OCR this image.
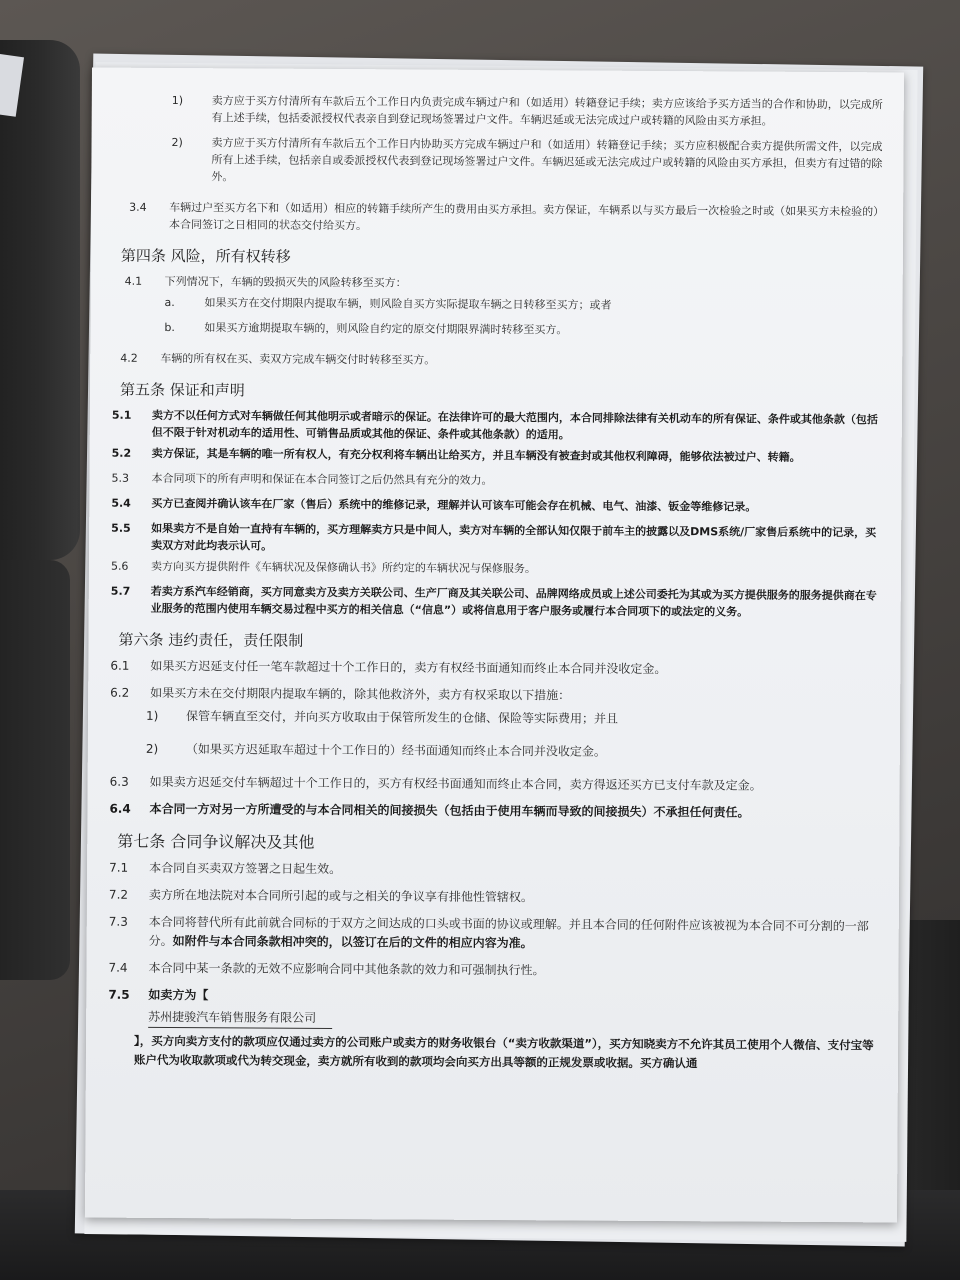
1)	卖方应于买方付清所有车款后五个工作日内负责完成车辆过户和（如适用）转籍登记手续；卖方应该给予买方适当的合作和协助，以完成所有上述手续，包括委派授权代表亲自到登记现场签署过户文件。车辆迟延或无法完成过户或转籍的风险由买方承担。
2)	卖方应于买方付清所有车款后五个工作日内协助买方完成车辆过户和（如适用）转籍登记手续；买方应积极配合卖方提供所需文件，以完成所有上述手续，包括亲自或委派授权代表到登记现场签署过户文件。车辆迟延或无法完成过户或转籍的风险由买方承担，但卖方有过错的除外。
3.4	车辆过户至买方名下和（如适用）相应的转籍手续所产生的费用由买方承担。卖方保证，车辆系以与买方最后一次检验之时或（如果买方未检验的）本合同签订之日相同的状态交付给买方。
第四条 风险，所有权转移
4.1	下列情况下，车辆的毁损灭失的风险转移至买方：
a.	如果买方在交付期限内提取车辆，则风险自买方实际提取车辆之日转移至买方；或者
b.	如果买方逾期提取车辆的，则风险自约定的原交付期限界满时转移至买方。
4.2	车辆的所有权在买、卖双方完成车辆交付时转移至买方。
第五条 保证和声明
5.1	卖方不以任何方式对车辆做任何其他明示或者暗示的保证。在法律许可的最大范围内，本合同排除法律有关机动车的所有保证、条件或其他条款（包括但不限于针对机动车的适用性、可销售品质或其他的保证、条件或其他条款）的适用。
5.2	卖方保证，其是车辆的唯一所有权人，有充分权利将车辆出让给买方，并且车辆没有被查封或其他权利障碍，能够依法被过户、转籍。
5.3	本合同项下的所有声明和保证在本合同签订之后仍然具有充分的效力。
5.4	买方已查阅并确认该车在厂家（售后）系统中的维修记录，理解并认可该车可能会存在机械、电气、油漆、钣金等维修记录。
5.5	如果卖方不是自始一直持有车辆的，买方理解卖方只是中间人，卖方对车辆的全部认知仅限于前车主的披露以及DMS系统/厂家售后系统中的记录，买卖双方对此均表示认可。
5.6	卖方向买方提供附件《车辆状况及保修确认书》所约定的车辆状况与保修服务。
5.7	若卖方系汽车经销商，买方同意卖方及卖方关联公司、生产厂商及其关联公司、品牌网络成员或上述公司委托为其或为买方提供服务的服务提供商在专业服务的范围内使用车辆交易过程中买方的相关信息（“信息”）或将信息用于客户服务或履行本合同项下的或法定的义务。
第六条 违约责任，责任限制
6.1	如果买方迟延支付任一笔车款超过十个工作日的，卖方有权经书面通知而终止本合同并没收定金。
6.2	如果买方未在交付期限内提取车辆的，除其他救济外，卖方有权采取以下措施：
1)	保管车辆直至交付，并向买方收取由于保管所发生的仓储、保险等实际费用；并且
2)	（如果买方迟延取车超过十个工作日的）经书面通知而终止本合同并没收定金。
6.3	如果卖方迟延交付车辆超过十个工作日的，买方有权经书面通知而终止本合同，卖方得返还买方已支付车款及定金。
6.4	本合同一方对另一方所遭受的与本合同相关的间接损失（包括由于使用车辆而导致的间接损失）不承担任何责任。
第七条 合同争议解决及其他
7.1	本合同自买卖双方签署之日起生效。
7.2	卖方所在地法院对本合同所引起的或与之相关的争议享有排他性管辖权。
7.3	本合同将替代所有此前就合同标的于双方之间达成的口头或书面的协议或理解。并且本合同的任何附件应该被视为本合同不可分割的一部分。如附件与本合同条款相冲突的，以签订在后的文件的相应内容为准。
7.4	本合同中某一条款的无效不应影响合同中其他条款的效力和可强制执行性。
7.5	如卖方为【
苏州捷骏汽车销售服务有限公司
】，买方向卖方支付的款项应仅通过卖方的公司账户或卖方的财务收银台（“卖方收款渠道”），买方知晓卖方不允许其员工使用个人微信、支付宝等账户代为收取款项或代为转交现金，卖方就所有收到的款项均会向买方出具等额的正规发票或收据。买方确认通
